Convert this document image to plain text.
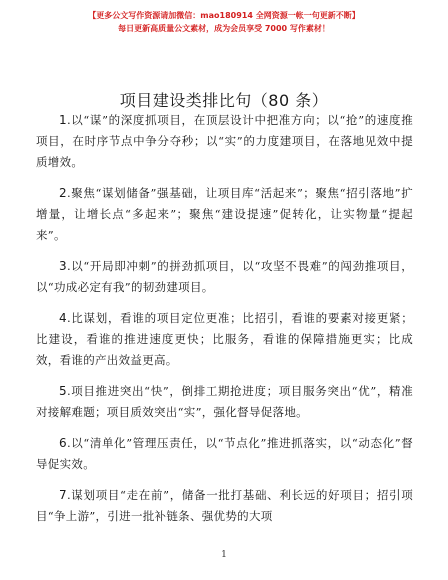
【更多公文写作资源请加微信：mao180914 全网资源一帐一句更新不断】
每日更新高质量公文素材，成为会员享受 7000 写作素材！
项目建设类排比句（80 条）

1.以“谋”的深度抓项目，在顶层设计中把准方向；以“抢”的速度推项目，在时序节点中争分夺秒；以“实”的力度建项目，在落地见效中提质增效。

2.聚焦“谋划储备”强基础，让项目库“活起来”；聚焦“招引落地”扩增量，让增长点“多起来”；聚焦“建设提速”促转化，让实物量“提起来”。

3.以“开局即冲刺”的拼劲抓项目，以“攻坚不畏难”的闯劲推项目，以“功成必定有我”的韧劲建项目。

4.比谋划，看谁的项目定位更准；比招引，看谁的要素对接更紧；比建设，看谁的推进速度更快；比服务，看谁的保障措施更实；比成效，看谁的产出效益更高。

5.项目推进突出“快”，倒排工期抢进度；项目服务突出“优”，精准对接解难题；项目质效突出“实”，强化督导促落地。

6.以“清单化”管理压责任，以“节点化”推进抓落实，以“动态化”督导促实效。

7.谋划项目“走在前”，储备一批打基础、利长远的好项目；招引项目“争上游”，引进一批补链条、强优势的大项

1
